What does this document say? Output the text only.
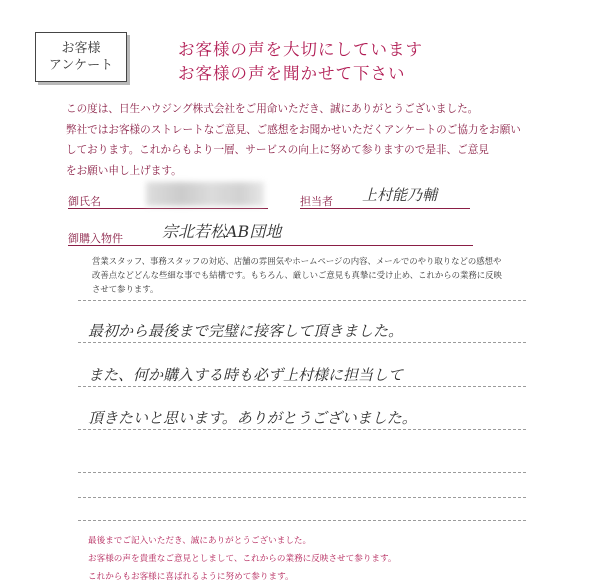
お客様
アンケート
お客様の声を大切にしています
お客様の声を聞かせて下さい
この度は、日生ハウジング株式会社をご用命いただき、誠にありがとうございました。
弊社ではお客様のストレートなご意見、ご感想をお聞かせいただくアンケートのご協力をお願い
しております。これからもより一層、サービスの向上に努めて参りますので是非、ご意見
をお願い申し上げます。
御氏名	担当者 上村能乃輔
御購入物件 宗北若松AB団地
営業スタッフ、事務スタッフの対応、店舗の雰囲気やホームページの内容、メールでのやり取りなどの感想や
改善点などどんな些細な事でも結構です。もちろん、厳しいご意見も真摯に受け止め、これからの業務に反映
させて参ります。
最初から最後まで完璧に接客して頂きました。
また、何か購入する時も必ず上村様に担当して
頂きたいと思います。ありがとうございました。
最後までご記入いただき、誠にありがとうございました。
お客様の声を貴重なご意見としまして、これからの業務に反映させて参ります。
これからもお客様に喜ばれるように努めて参ります。
